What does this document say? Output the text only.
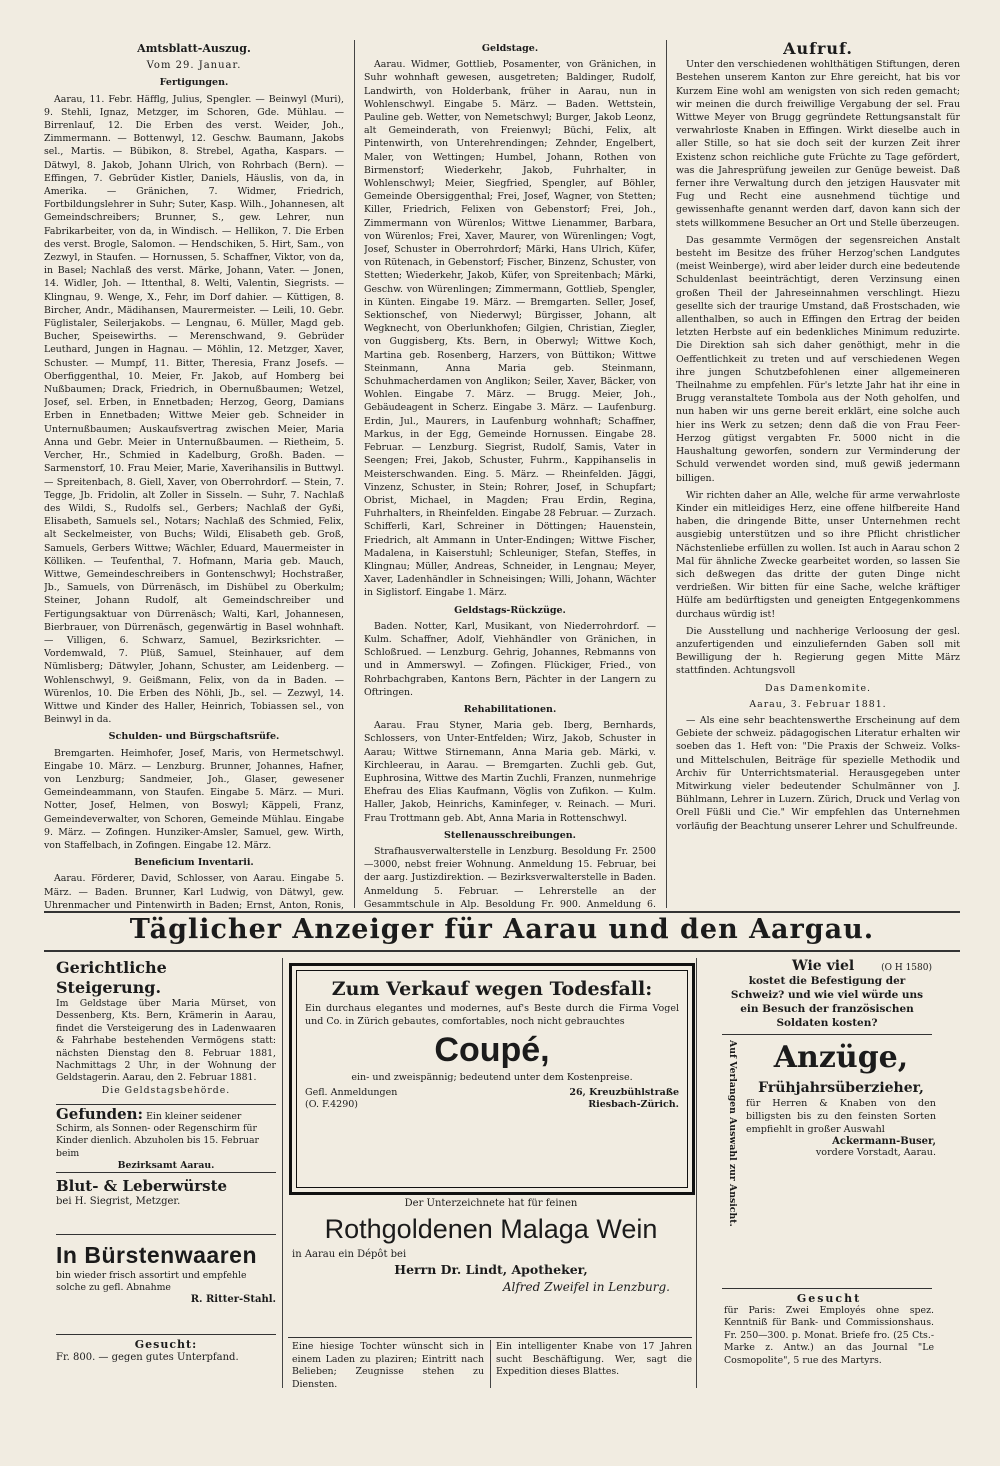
Amtsblatt-Auszug.
Vom 29. Januar.
Fertigungen.

Aarau, 11. Febr. Häfflg, Julius, Spengler. — Beinwyl (Muri), 9. Stehli, Ignaz, Metzger, im Schoren, Gde. Mühlau. — Birrenlauf, 12. Die Erben des verst. Weider, Joh., Zimmermann. — Bottenwyl, 12. Geschw. Baumann, Jakobs sel., Martis. — Bübikon, 8. Strebel, Agatha, Kaspars. — Dätwyl, 8. Jakob, Johann Ulrich, von Rohrbach (Bern). — Effingen, 7. Gebrüder Kistler, Daniels, Häuslis, von da, in Amerika. — Gränichen, 7. Widmer, Friedrich, Fortbildungslehrer in Suhr; Suter, Kasp. Wilh., Johannesen, alt Gemeindschreibers; Brunner, S., gew. Lehrer, nun Fabrikarbeiter, von da, in Windisch. — Hellikon, 7. Die Erben des verst. Brogle, Salomon. — Hendschiken, 5. Hirt, Sam., von Zezwyl, in Staufen. — Hornussen, 5. Schaffner, Viktor, von da, in Basel; Nachlaß des verst. Märke, Johann, Vater. — Jonen, 14. Widler, Joh. — Ittenthal, 8. Welti, Valentin, Siegrists. — Klingnau, 9. Wenge, X., Fehr, im Dorf dahier. — Küttigen, 8. Bircher, Andr., Mädihansen, Maurermeister. — Leili, 10. Gebr. Füglistaler, Seilerjakobs. — Lengnau, 6. Müller, Magd geb. Bucher, Speisewirths. — Merenschwand, 9. Gebrüder Leuthard, Jungen in Hagnau. — Möhlin, 12. Metzger, Xaver, Schuster. — Mumpf, 11. Bitter, Theresia, Franz Josefs. — Oberfiggenthal, 10. Meier, Fr. Jakob, auf Homberg bei Nußbaumen; Drack, Friedrich, in Obernußbaumen; Wetzel, Josef, sel. Erben, in Ennetbaden; Herzog, Georg, Damians Erben in Ennetbaden; Wittwe Meier geb. Schneider in Unternußbaumen; Auskaufsvertrag zwischen Meier, Maria Anna und Gebr. Meier in Unternußbaumen. — Rietheim, 5. Vercher, Hr., Schmied in Kadelburg, Großh. Baden. — Sarmenstorf, 10. Frau Meier, Marie, Xaverihansilis in Buttwyl. — Spreitenbach, 8. Giell, Xaver, von Oberrohrdorf. — Stein, 7. Tegge, Jb. Fridolin, alt Zoller in Sisseln. — Suhr, 7. Nachlaß des Wildi, S., Rudolfs sel., Gerbers; Nachlaß der Gyßi, Elisabeth, Samuels sel., Notars; Nachlaß des Schmied, Felix, alt Seckelmeister, von Buchs; Wildi, Elisabeth geb. Groß, Samuels, Gerbers Wittwe; Wächler, Eduard, Mauermeister in Kölliken. — Teufenthal, 7. Hofmann, Maria geb. Mauch, Wittwe, Gemeindeschreibers in Gontenschwyl; Hochstraßer, Jb., Samuels, von Dürrenäsch, im Dishübel zu Oberkulm; Steiner, Johann Rudolf, alt Gemeindschreiber und Fertigungsaktuar von Dürrenäsch; Walti, Karl, Johannesen, Bierbrauer, von Dürrenäsch, gegenwärtig in Basel wohnhaft. — Villigen, 6. Schwarz, Samuel, Bezirksrichter. — Vordemwald, 7. Plüß, Samuel, Steinhauer, auf dem Nümlisberg; Dätwyler, Johann, Schuster, am Leidenberg. — Wohlenschwyl, 9. Geißmann, Felix, von da in Baden. — Würenlos, 10. Die Erben des Nöhli, Jb., sel. — Zezwyl, 14. Wittwe und Kinder des Haller, Heinrich, Tobiassen sel., von Beinwyl in da.

Schulden- und Bürgschaftsrüfe.

Bremgarten. Heimhofer, Josef, Maris, von Hermetschwyl. Eingabe 10. März. — Lenzburg. Brunner, Johannes, Hafner, von Lenzburg; Sandmeier, Joh., Glaser, gewesener Gemeindeammann, von Staufen. Eingabe 5. März. — Muri. Notter, Josef, Helmen, von Boswyl; Käppeli, Franz, Gemeindeverwalter, von Schoren, Gemeinde Mühlau. Eingabe 9. März. — Zofingen. Hunziker-Amsler, Samuel, gew. Wirth, von Staffelbach, in Zofingen. Eingabe 12. März.

Beneficium Inventarii.

Aarau. Förderer, David, Schlosser, von Aarau. Eingabe 5. März. — Baden. Brunner, Karl Ludwig, von Dätwyl, gew. Uhrenmacher und Pintenwirth in Baden; Ernst, Anton, Ronis,

Geldstage.

Aarau. Widmer, Gottlieb, Posamenter, von Gränichen, in Suhr wohnhaft gewesen, ausgetreten; Baldinger, Rudolf, Landwirth, von Holderbank, früher in Aarau, nun in Wohlenschwyl. Eingabe 5. März. — Baden. Wettstein, Pauline geb. Wetter, von Nemetschwyl; Burger, Jakob Leonz, alt Gemeinderath, von Freienwyl; Büchi, Felix, alt Pintenwirth, von Unterehrendingen; Zehnder, Engelbert, Maler, von Wettingen; Humbel, Johann, Rothen von Birmenstorf; Wiederkehr, Jakob, Fuhrhalter, in Wohlenschwyl; Meier, Siegfried, Spengler, auf Böhler, Gemeinde Obersiggenthal; Frei, Josef, Wagner, von Stetten; Killer, Friedrich, Felixen von Gebenstorf; Frei, Joh., Zimmermann von Würenlos; Wittwe Lienammer, Barbara, von Würenlos; Frei, Xaver, Maurer, von Würenlingen; Vogt, Josef, Schuster in Oberrohrdorf; Märki, Hans Ulrich, Küfer, von Rütenach, in Gebenstorf; Fischer, Binzenz, Schuster, von Stetten; Wiederkehr, Jakob, Küfer, von Spreitenbach; Märki, Geschw. von Würenlingen; Zimmermann, Gottlieb, Spengler, in Künten. Eingabe 19. März. — Bremgarten. Seller, Josef, Sektionschef, von Niederwyl; Bürgisser, Johann, alt Wegknecht, von Oberlunkhofen; Gilgien, Christian, Ziegler, von Guggisberg, Kts. Bern, in Oberwyl; Wittwe Koch, Martina geb. Rosenberg, Harzers, von Büttikon; Wittwe Steinmann, Anna Maria geb. Steinmann, Schuhmacherdamen von Anglikon; Seiler, Xaver, Bäcker, von Wohlen. Eingabe 7. März. — Brugg. Meier, Joh., Gebäudeagent in Scherz. Eingabe 3. März. — Laufenburg. Erdin, Jul., Maurers, in Laufenburg wohnhaft; Schaffner, Markus, in der Egg, Gemeinde Hornussen. Eingabe 28. Februar. — Lenzburg. Siegrist, Rudolf, Samis, Vater in Seengen; Frei, Jakob, Schuster, Fuhrm., Kappihanselis in Meisterschwanden. Eing. 5. März. — Rheinfelden. Jäggi, Vinzenz, Schuster, in Stein; Rohrer, Josef, in Schupfart; Obrist, Michael, in Magden; Frau Erdin, Regina, Fuhrhalters, in Rheinfelden. Eingabe 28 Februar. — Zurzach. Schifferli, Karl, Schreiner in Döttingen; Hauenstein, Friedrich, alt Ammann in Unter-Endingen; Wittwe Fischer, Madalena, in Kaiserstuhl; Schleuniger, Stefan, Steffes, in Klingnau; Müller, Andreas, Schneider, in Lengnau; Meyer, Xaver, Ladenhändler in Schneisingen; Willi, Johann, Wächter in Siglistorf. Eingabe 1. März.

Geldstags-Rückzüge.

Baden. Notter, Karl, Musikant, von Niederrohrdorf. — Kulm. Schaffner, Adolf, Viehhändler von Gränichen, in Schloßrued. — Lenzburg. Gehrig, Johannes, Rebmanns von und in Ammerswyl. — Zofingen. Flückiger, Fried., von Rohrbachgraben, Kantons Bern, Pächter in der Langern zu Oftringen.

Rehabilitationen.

Aarau. Frau Styner, Maria geb. Iberg, Bernhards, Schlossers, von Unter-Entfelden; Wirz, Jakob, Schuster in Aarau; Wittwe Stirnemann, Anna Maria geb. Märki, v. Kirchleerau, in Aarau. — Bremgarten. Zuchli geb. Gut, Euphrosina, Wittwe des Martin Zuchli, Franzen, nunmehrige Ehefrau des Elias Kaufmann, Vöglis von Zufikon. — Kulm. Haller, Jakob, Heinrichs, Kaminfeger, v. Reinach. — Muri. Frau Trottmann geb. Abt, Anna Maria in Rottenschwyl.

Stellenausschreibungen.

Strafhausverwalterstelle in Lenzburg. Besoldung Fr. 2500—3000, nebst freier Wohnung. Anmeldung 15. Februar, bei der aarg. Justizdirektion. — Bezirksverwalterstelle in Baden. Anmeldung 5. Februar. — Lehrerstelle an der Gesammtschule in Alp. Besoldung Fr. 900. Anmeldung 6.

Aufruf.

Unter den verschiedenen wohlthätigen Stiftungen, deren Bestehen unserem Kanton zur Ehre gereicht, hat bis vor Kurzem Eine wohl am wenigsten von sich reden gemacht; wir meinen die durch freiwillige Vergabung der sel. Frau Wittwe Meyer von Brugg gegründete Rettungsanstalt für verwahrloste Knaben in Effingen. Wirkt dieselbe auch in aller Stille, so hat sie doch seit der kurzen Zeit ihrer Existenz schon reichliche gute Früchte zu Tage gefördert, was die Jahresprüfung jeweilen zur Genüge beweist. Daß ferner ihre Verwaltung durch den jetzigen Hausvater mit Fug und Recht eine ausnehmend tüchtige und gewissenhafte genannt werden darf, davon kann sich der stets willkommene Besucher an Ort und Stelle überzeugen.

Das gesammte Vermögen der segensreichen Anstalt besteht im Besitze des früher Herzog'schen Landgutes (meist Weinberge), wird aber leider durch eine bedeutende Schuldenlast beeinträchtigt, deren Verzinsung einen großen Theil der Jahreseinnahmen verschlingt. Hiezu gesellte sich der traurige Umstand, daß Frostschaden, wie allenthalben, so auch in Effingen den Ertrag der beiden letzten Herbste auf ein bedenkliches Minimum reduzirte. Die Direktion sah sich daher genöthigt, mehr in die Oeffentlichkeit zu treten und auf verschiedenen Wegen ihre jungen Schutzbefohlenen einer allgemeineren Theilnahme zu empfehlen. Für's letzte Jahr hat ihr eine in Brugg veranstaltete Tombola aus der Noth geholfen, und nun haben wir uns gerne bereit erklärt, eine solche auch hier ins Werk zu setzen; denn daß die von Frau Feer-Herzog gütigst vergabten Fr. 5000 nicht in die Haushaltung geworfen, sondern zur Verminderung der Schuld verwendet worden sind, muß gewiß jedermann billigen.

Wir richten daher an Alle, welche für arme verwahrloste Kinder ein mitleidiges Herz, eine offene hilfbereite Hand haben, die dringende Bitte, unser Unternehmen recht ausgiebig unterstützen und so ihre Pflicht christlicher Nächstenliebe erfüllen zu wollen. Ist auch in Aarau schon 2 Mal für ähnliche Zwecke gearbeitet worden, so lassen Sie sich deßwegen das dritte der guten Dinge nicht verdrießen. Wir bitten für eine Sache, welche kräftiger Hülfe am bedürftigsten und geneigten Entgegenkommens durchaus würdig ist!

Die Ausstellung und nachherige Verloosung der gesl. anzufertigenden und einzuliefernden Gaben soll mit Bewilligung der h. Regierung gegen Mitte März stattfinden. Achtungsvoll

Das Damenkomite.
Aarau, 3. Februar 1881.

— Als eine sehr beachtenswerthe Erscheinung auf dem Gebiete der schweiz. pädagogischen Literatur erhalten wir soeben das 1. Heft von: "Die Praxis der Schweiz. Volks- und Mittelschulen, Beiträge für spezielle Methodik und Archiv für Unterrichtsmaterial. Herausgegeben unter Mitwirkung vieler bedeutender Schulmänner von J. Bühlmann, Lehrer in Luzern. Zürich, Druck und Verlag von Orell Füßli und Cie." Wir empfehlen das Unternehmen vorläufig der Beachtung unserer Lehrer und Schulfreunde.

Täglicher Anzeiger für Aarau und den Aargau.
Gerichtliche Steigerung.
Im Geldstage über Maria Mürset, von Dessenberg, Kts. Bern, Krämerin in Aarau, findet die Versteigerung des in Ladenwaaren & Fahrhabe bestehenden Vermögens statt: nächsten Dienstag den 8. Februar 1881, Nachmittags 2 Uhr, in der Wohnung der Geldstagerin. Aarau, den 2. Februar 1881.
Die Geldstagsbehörde.
Gefunden: Ein kleiner seidener Schirm, als Sonnen- oder Regenschirm für Kinder dienlich. Abzuholen bis 15. Februar beim
Bezirksamt Aarau.
Blut- & Leberwürste
bei H. Siegrist, Metzger.
In Bürstenwaaren
bin wieder frisch assortirt und empfehle solche zu gefl. Abnahme
R. Ritter-Stahl.
Gesucht:
Fr. 800. — gegen gutes Unterpfand.
Zum Verkauf wegen Todesfall:
Ein durchaus elegantes und modernes, auf's Beste durch die Firma Vogel und Co. in Zürich gebautes, comfortables, noch nicht gebrauchtes
Coupé,
ein- und zweispännig; bedeutend unter dem Kostenpreise.
Gefl. Anmeldungen
(O. F.4290)
26, Kreuzbühlstraße Riesbach-Zürich.
Der Unterzeichnete hat für feinen
Rothgoldenen Malaga Wein
in Aarau ein Dépôt bei
Herrn Dr. Lindt, Apotheker,
Alfred Zweifel in Lenzburg.
Eine hiesige Tochter wünscht sich in einem Laden zu plaziren; Eintritt nach Belieben; Zeugnisse stehen zu Diensten.
Ein intelligenter Knabe von 17 Jahren sucht Beschäftigung. Wer, sagt die Expedition dieses Blattes.
Wie viel	(O H 1580)
kostet die Befestigung der Schweiz? und wie viel würde uns ein Besuch der französischen Soldaten kosten?
Auf Verlangen Auswahl zur Ansicht.	Anzüge,
Frühjahrsüberzieher,
für Herren & Knaben von den billigsten bis zu den feinsten Sorten empfiehlt in großer Auswahl
Ackermann-Buser,
vordere Vorstadt, Aarau.
Gesucht
für Paris: Zwei Employés ohne spez. Kenntniß für Bank- und Commissionshaus. Fr. 250—300. p. Monat. Briefe fro. (25 Cts.-Marke z. Antw.) an das Journal "Le Cosmopolite", 5 rue des Martyrs.
